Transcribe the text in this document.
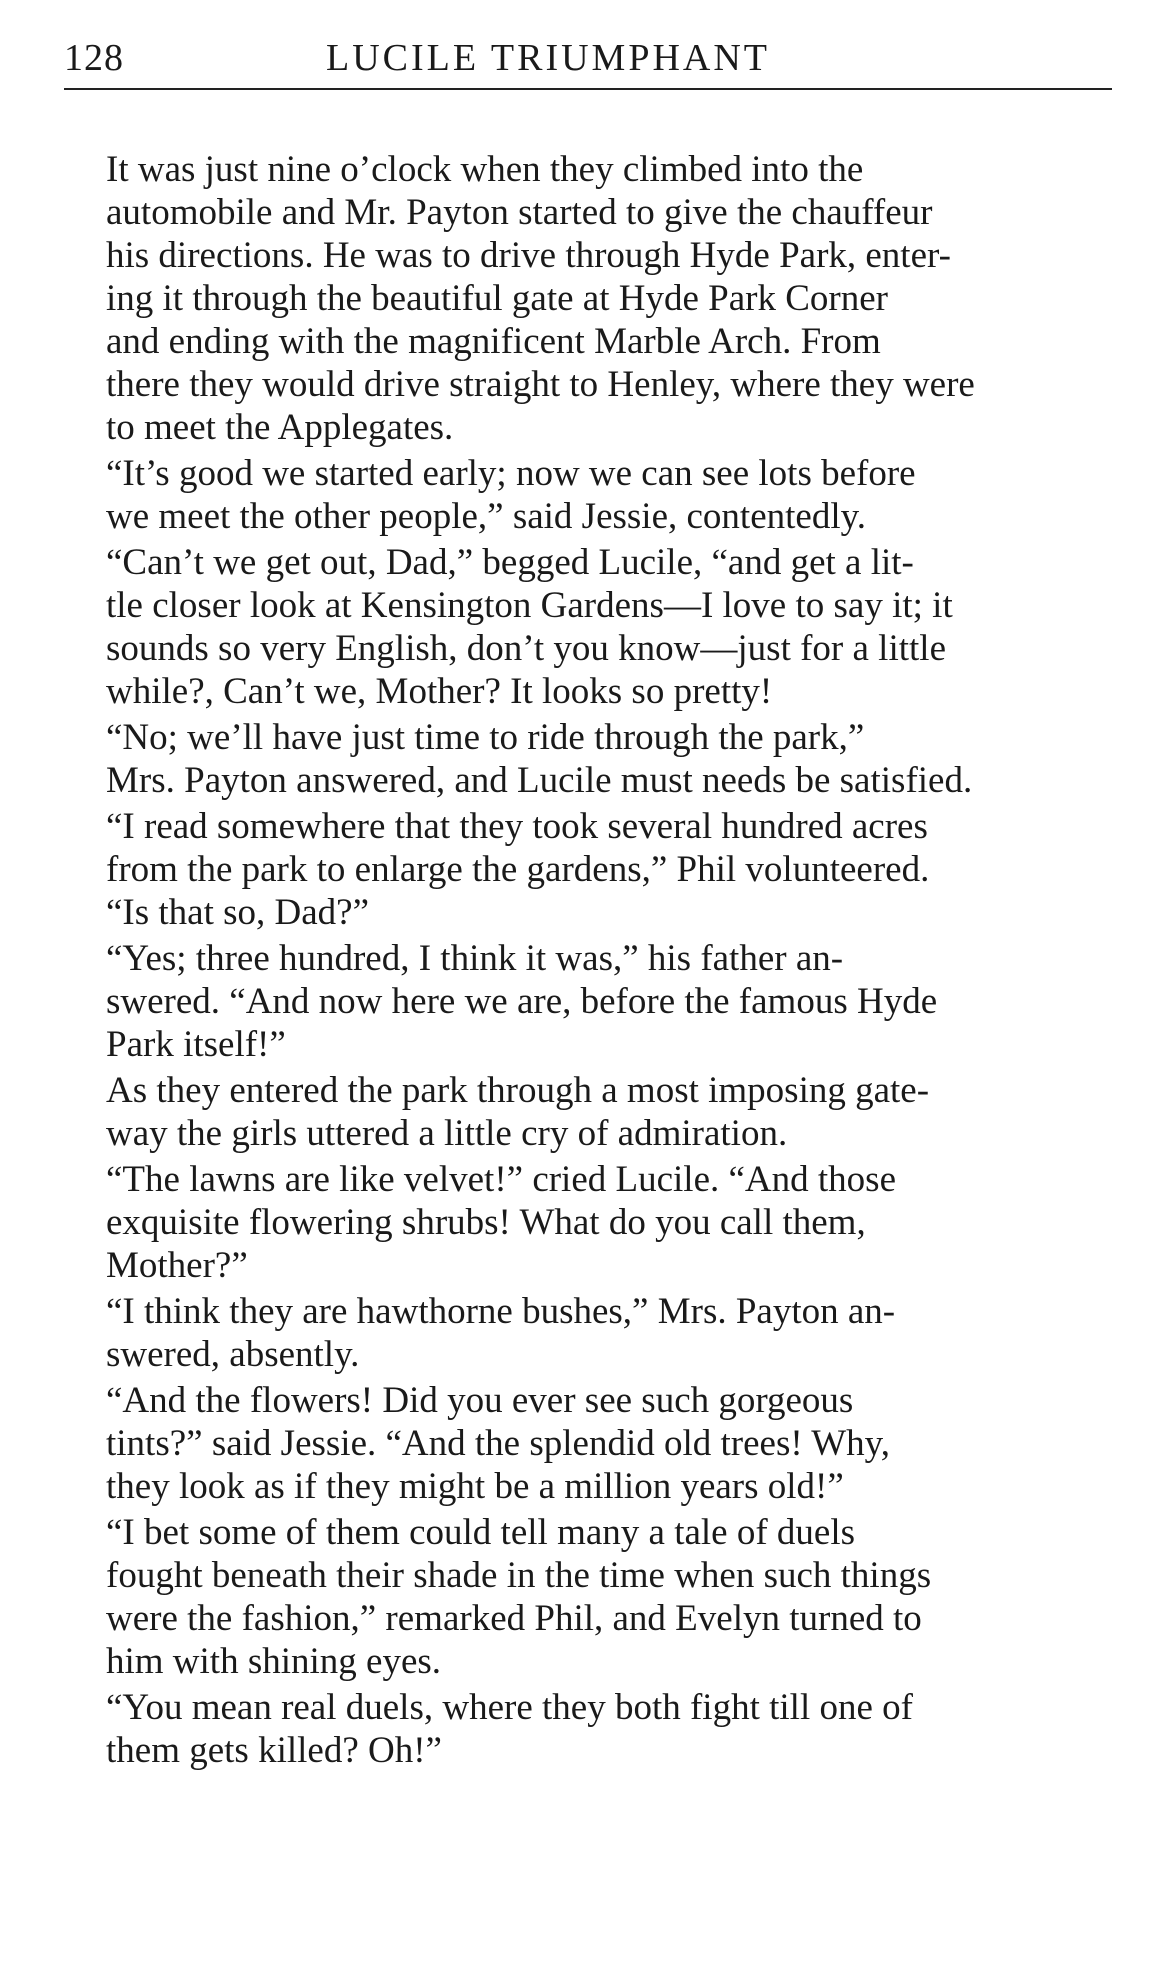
128	LUCILE TRIUMPHANT

It was just nine o’clock when they climbed into the
automobile and Mr. Payton started to give the chauffeur
his directions. He was to drive through Hyde Park, enter-
ing it through the beautiful gate at Hyde Park Corner
and ending with the magnificent Marble Arch. From
there they would drive straight to Henley, where they were
to meet the Applegates.

“It’s good we started early; now we can see lots before
we meet the other people,” said Jessie, contentedly.

“Can’t we get out, Dad,” begged Lucile, “and get a lit-
tle closer look at Kensington Gardens—I love to say it; it
sounds so very English, don’t you know—just for a little
while?, Can’t we, Mother? It looks so pretty!

“No; we’ll have just time to ride through the park,”
Mrs. Payton answered, and Lucile must needs be satisfied.

“I read somewhere that they took several hundred acres
from the park to enlarge the gardens,” Phil volunteered.
“Is that so, Dad?”

“Yes; three hundred, I think it was,” his father an-
swered. “And now here we are, before the famous Hyde
Park itself!”

As they entered the park through a most imposing gate-
way the girls uttered a little cry of admiration.

“The lawns are like velvet!” cried Lucile. “And those
exquisite flowering shrubs! What do you call them,
Mother?”

“I think they are hawthorne bushes,” Mrs. Payton an-
swered, absently.

“And the flowers! Did you ever see such gorgeous
tints?” said Jessie. “And the splendid old trees! Why,
they look as if they might be a million years old!”

“I bet some of them could tell many a tale of duels
fought beneath their shade in the time when such things
were the fashion,” remarked Phil, and Evelyn turned to
him with shining eyes.

“You mean real duels, where they both fight till one of
them gets killed? Oh!”
